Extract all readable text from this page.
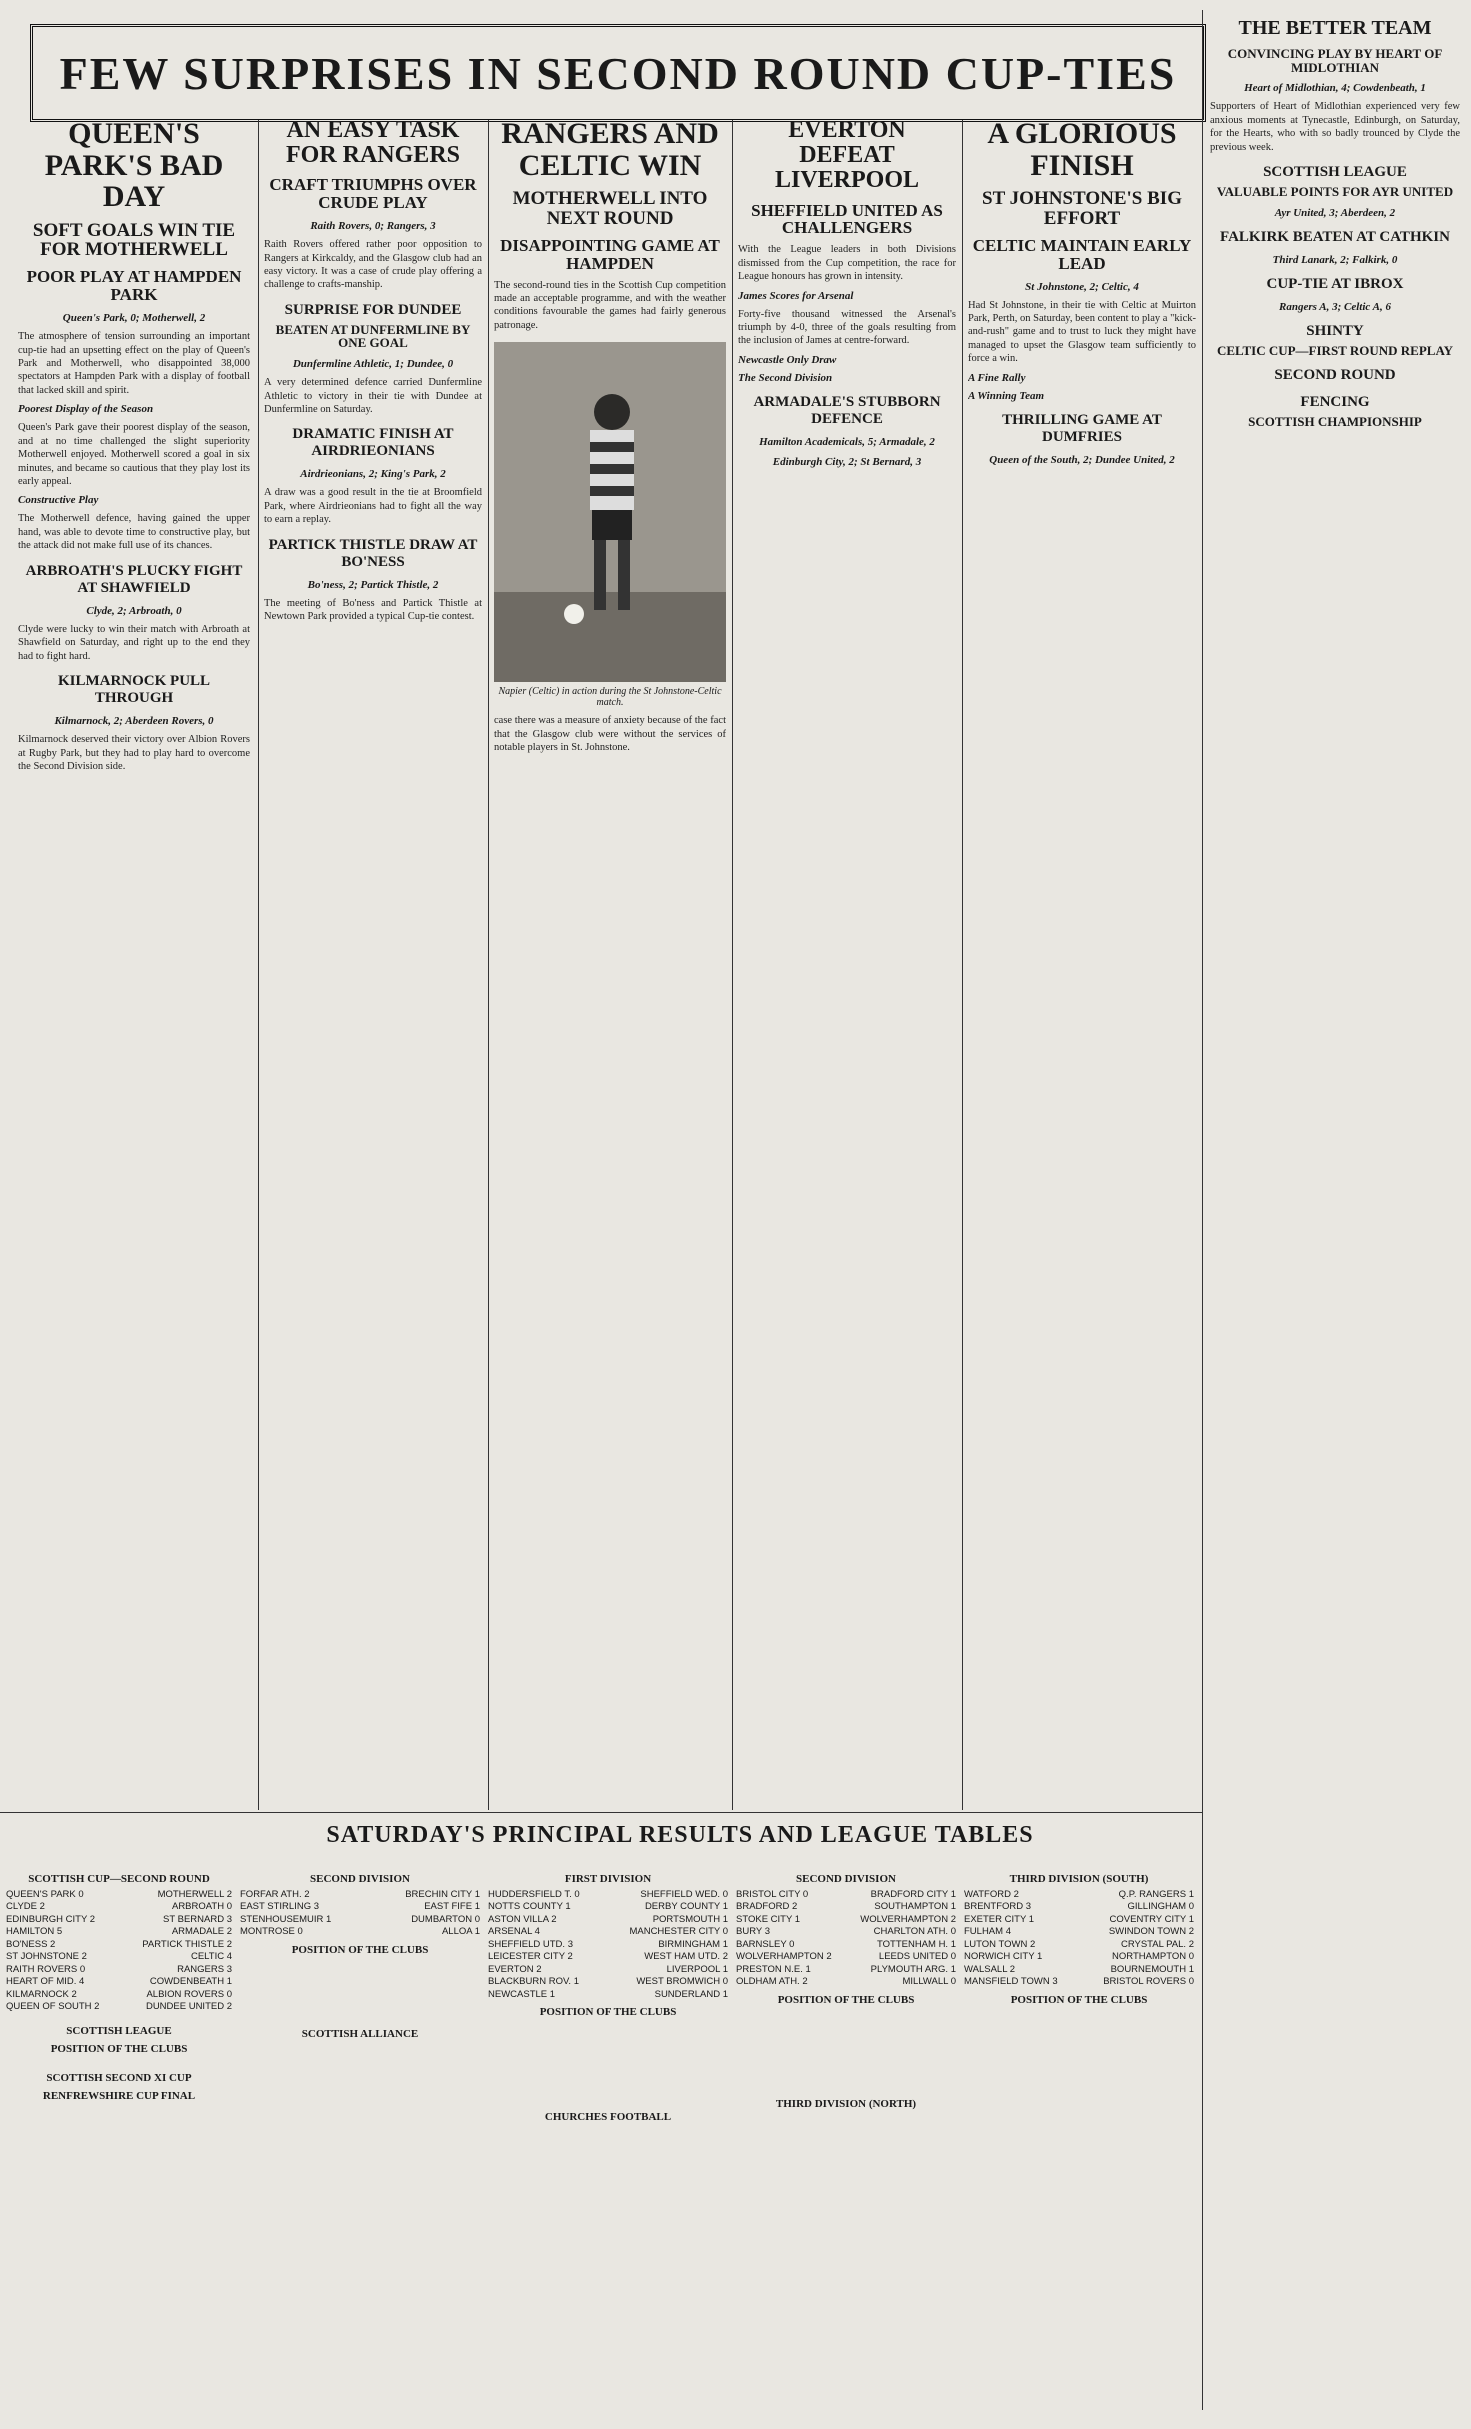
FEW SURPRISES IN SECOND ROUND CUP-TIES
QUEEN'S PARK'S BAD DAY
SOFT GOALS WIN TIE FOR MOTHERWELL
POOR PLAY AT HAMPDEN PARK
Queen's Park, 0; Motherwell, 2
The atmosphere of tension surrounding an important cup-tie had an upsetting effect on the play of Queen's Park and Motherwell, who disappointed 38,000 spectators at Hampden Park with a display of football that lacked skill and spirit.
Poorest Display of the Season
Queen's Park gave their poorest display of the season, and at no time challenged the slight superiority Motherwell enjoyed. Motherwell scored a goal in six minutes, and became so cautious that they play lost its early appeal.
Constructive Play
The Motherwell defence, having gained the upper hand, was able to devote time to constructive play, but the attack did not make full use of its chances.
ARBROATH'S PLUCKY FIGHT AT SHAWFIELD
Clyde, 2; Arbroath, 0
Clyde were lucky to win their match with Arbroath at Shawfield on Saturday, and right up to the end they had to fight hard.
KILMARNOCK PULL THROUGH
Kilmarnock, 2; Aberdeen Rovers, 0
Kilmarnock deserved their victory over Albion Rovers at Rugby Park, but they had to play hard to overcome the Second Division side.
AN EASY TASK FOR RANGERS
CRAFT TRIUMPHS OVER CRUDE PLAY
Raith Rovers, 0; Rangers, 3
Raith Rovers offered rather poor opposition to Rangers at Kirkcaldy, and the Glasgow club had an easy victory. It was a case of crude play offering a challenge to crafts-manship.
SURPRISE FOR DUNDEE
BEATEN AT DUNFERMLINE BY ONE GOAL
Dunfermline Athletic, 1; Dundee, 0
A very determined defence carried Dunfermline Athletic to victory in their tie with Dundee at Dunfermline on Saturday.
DRAMATIC FINISH AT AIRDRIEONIANS
Airdrieonians, 2; King's Park, 2
A draw was a good result in the tie at Broomfield Park, where Airdrieonians had to fight all the way to earn a replay.
PARTICK THISTLE DRAW AT BO'NESS
Bo'ness, 2; Partick Thistle, 2
The meeting of Bo'ness and Partick Thistle at Newtown Park provided a typical Cup-tie contest.
RANGERS AND CELTIC WIN
MOTHERWELL INTO NEXT ROUND
DISAPPOINTING GAME AT HAMPDEN
The second-round ties in the Scottish Cup competition made an acceptable programme, and with the weather conditions favourable the games had fairly generous patronage.
Napier (Celtic) in action during the St Johnstone-Celtic match.
case there was a measure of anxiety because of the fact that the Glasgow club were without the services of notable players in St. Johnstone.
EVERTON DEFEAT LIVERPOOL
SHEFFIELD UNITED AS CHALLENGERS
With the League leaders in both Divisions dismissed from the Cup competition, the race for League honours has grown in intensity.
James Scores for Arsenal
Forty-five thousand witnessed the Arsenal's triumph by 4-0, three of the goals resulting from the inclusion of James at centre-forward.
Newcastle Only Draw
The Second Division
ARMADALE'S STUBBORN DEFENCE
Hamilton Academicals, 5; Armadale, 2
Edinburgh City, 2; St Bernard, 3
A GLORIOUS FINISH
ST JOHNSTONE'S BIG EFFORT
CELTIC MAINTAIN EARLY LEAD
St Johnstone, 2; Celtic, 4
Had St Johnstone, in their tie with Celtic at Muirton Park, Perth, on Saturday, been content to play a "kick-and-rush" game and to trust to luck they might have managed to upset the Glasgow team sufficiently to force a win.
A Fine Rally
A Winning Team
THRILLING GAME AT DUMFRIES
Queen of the South, 2; Dundee United, 2
THE BETTER TEAM
CONVINCING PLAY BY HEART OF MIDLOTHIAN
Heart of Midlothian, 4; Cowdenbeath, 1
Supporters of Heart of Midlothian experienced very few anxious moments at Tynecastle, Edinburgh, on Saturday, for the Hearts, who with so badly trounced by Clyde the previous week.
SCOTTISH LEAGUE
VALUABLE POINTS FOR AYR UNITED
Ayr United, 3; Aberdeen, 2
FALKIRK BEATEN AT CATHKIN
Third Lanark, 2; Falkirk, 0
CUP-TIE AT IBROX
Rangers A, 3; Celtic A, 6
SHINTY
CELTIC CUP—FIRST ROUND REPLAY
SECOND ROUND
FENCING
SCOTTISH CHAMPIONSHIP
SATURDAY'S PRINCIPAL RESULTS AND LEAGUE TABLES
SCOTTISH CUP—SECOND ROUND
QUEEN'S PARK 0	MOTHERWELL 2
CLYDE 2	ARBROATH 0
EDINBURGH CITY 2	ST BERNARD 3
HAMILTON 5	ARMADALE 2
BO'NESS 2	PARTICK THISTLE 2
ST JOHNSTONE 2	CELTIC 4
RAITH ROVERS 0	RANGERS 3
HEART OF MID. 4	COWDENBEATH 1
KILMARNOCK 2	ALBION ROVERS 0
QUEEN OF SOUTH 2	DUNDEE UNITED 2
SCOTTISH LEAGUE
POSITION OF THE CLUBS
SCOTTISH SECOND XI CUP
RENFREWSHIRE CUP FINAL
SECOND DIVISION
FORFAR ATH. 2	BRECHIN CITY 1
EAST STIRLING 3	EAST FIFE 1
STENHOUSEMUIR 1	DUMBARTON 0
MONTROSE 0	ALLOA 1
POSITION OF THE CLUBS
SCOTTISH ALLIANCE
FIRST DIVISION
HUDDERSFIELD T. 0	SHEFFIELD WED. 0
NOTTS COUNTY 1	DERBY COUNTY 1
ASTON VILLA 2	PORTSMOUTH 1
ARSENAL 4	MANCHESTER CITY 0
SHEFFIELD UTD. 3	BIRMINGHAM 1
LEICESTER CITY 2	WEST HAM UTD. 2
EVERTON 2	LIVERPOOL 1
BLACKBURN ROV. 1	WEST BROMWICH 0
NEWCASTLE 1	SUNDERLAND 1
POSITION OF THE CLUBS
CHURCHES FOOTBALL
SECOND DIVISION
BRISTOL CITY 0	BRADFORD CITY 1
BRADFORD 2	SOUTHAMPTON 1
STOKE CITY 1	WOLVERHAMPTON 2
BURY 3	CHARLTON ATH. 0
BARNSLEY 0	TOTTENHAM H. 1
WOLVERHAMPTON 2	LEEDS UNITED 0
PRESTON N.E. 1	PLYMOUTH ARG. 1
OLDHAM ATH. 2	MILLWALL 0
POSITION OF THE CLUBS
THIRD DIVISION (NORTH)
THIRD DIVISION (SOUTH)
WATFORD 2	Q.P. RANGERS 1
BRENTFORD 3	GILLINGHAM 0
EXETER CITY 1	COVENTRY CITY 1
FULHAM 4	SWINDON TOWN 2
LUTON TOWN 2	CRYSTAL PAL. 2
NORWICH CITY 1	NORTHAMPTON 0
WALSALL 2	BOURNEMOUTH 1
MANSFIELD TOWN 3	BRISTOL ROVERS 0
POSITION OF THE CLUBS
